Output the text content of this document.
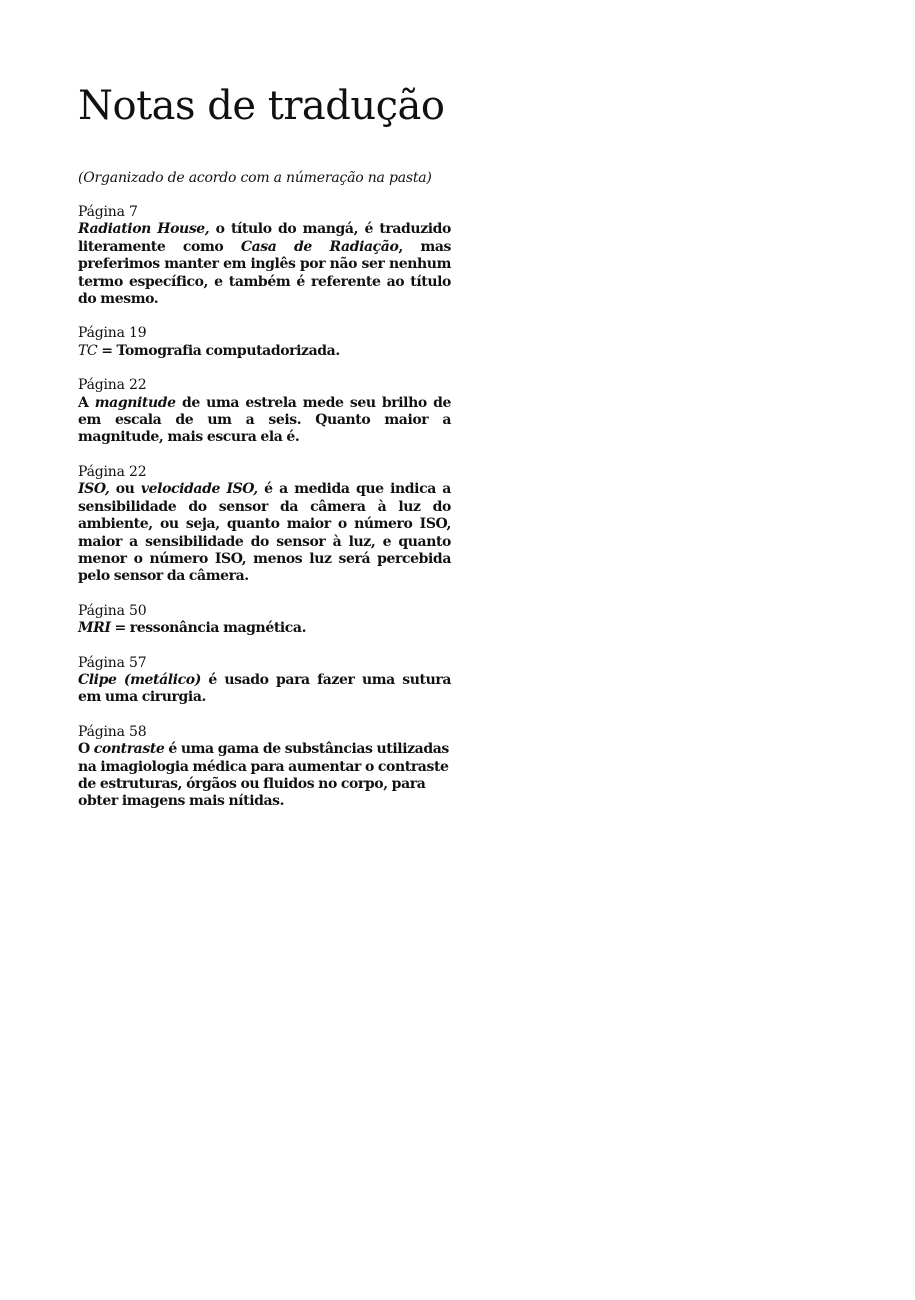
Notas de tradução

(Organizado de acordo com a númeração na pasta)

Página 7
Radiation House, o título do mangá, é traduzido literamente como Casa de Radiação, mas preferimos manter em inglês por não ser nenhum termo específico, e também é referente ao título do mesmo.
Página 19
TC = Tomografia computadorizada.
Página 22
A magnitude de uma estrela mede seu brilho de em escala de um a seis. Quanto maior a magnitude, mais escura ela é.
Página 22
ISO, ou velocidade ISO, é a medida que indica a sensibilidade do sensor da câmera à luz do ambiente, ou seja, quanto maior o número ISO, maior a sensibilidade do sensor à luz, e quanto menor o número ISO, menos luz será percebida pelo sensor da câmera.
Página 50
MRI = ressonância magnética.
Página 57
Clipe (metálico) é usado para fazer uma sutura em uma cirurgia.
Página 58
O contraste é uma gama de substâncias utilizadas na imagiologia médica para aumentar o contraste de estruturas, órgãos ou fluidos no corpo, para obter imagens mais nítidas.
